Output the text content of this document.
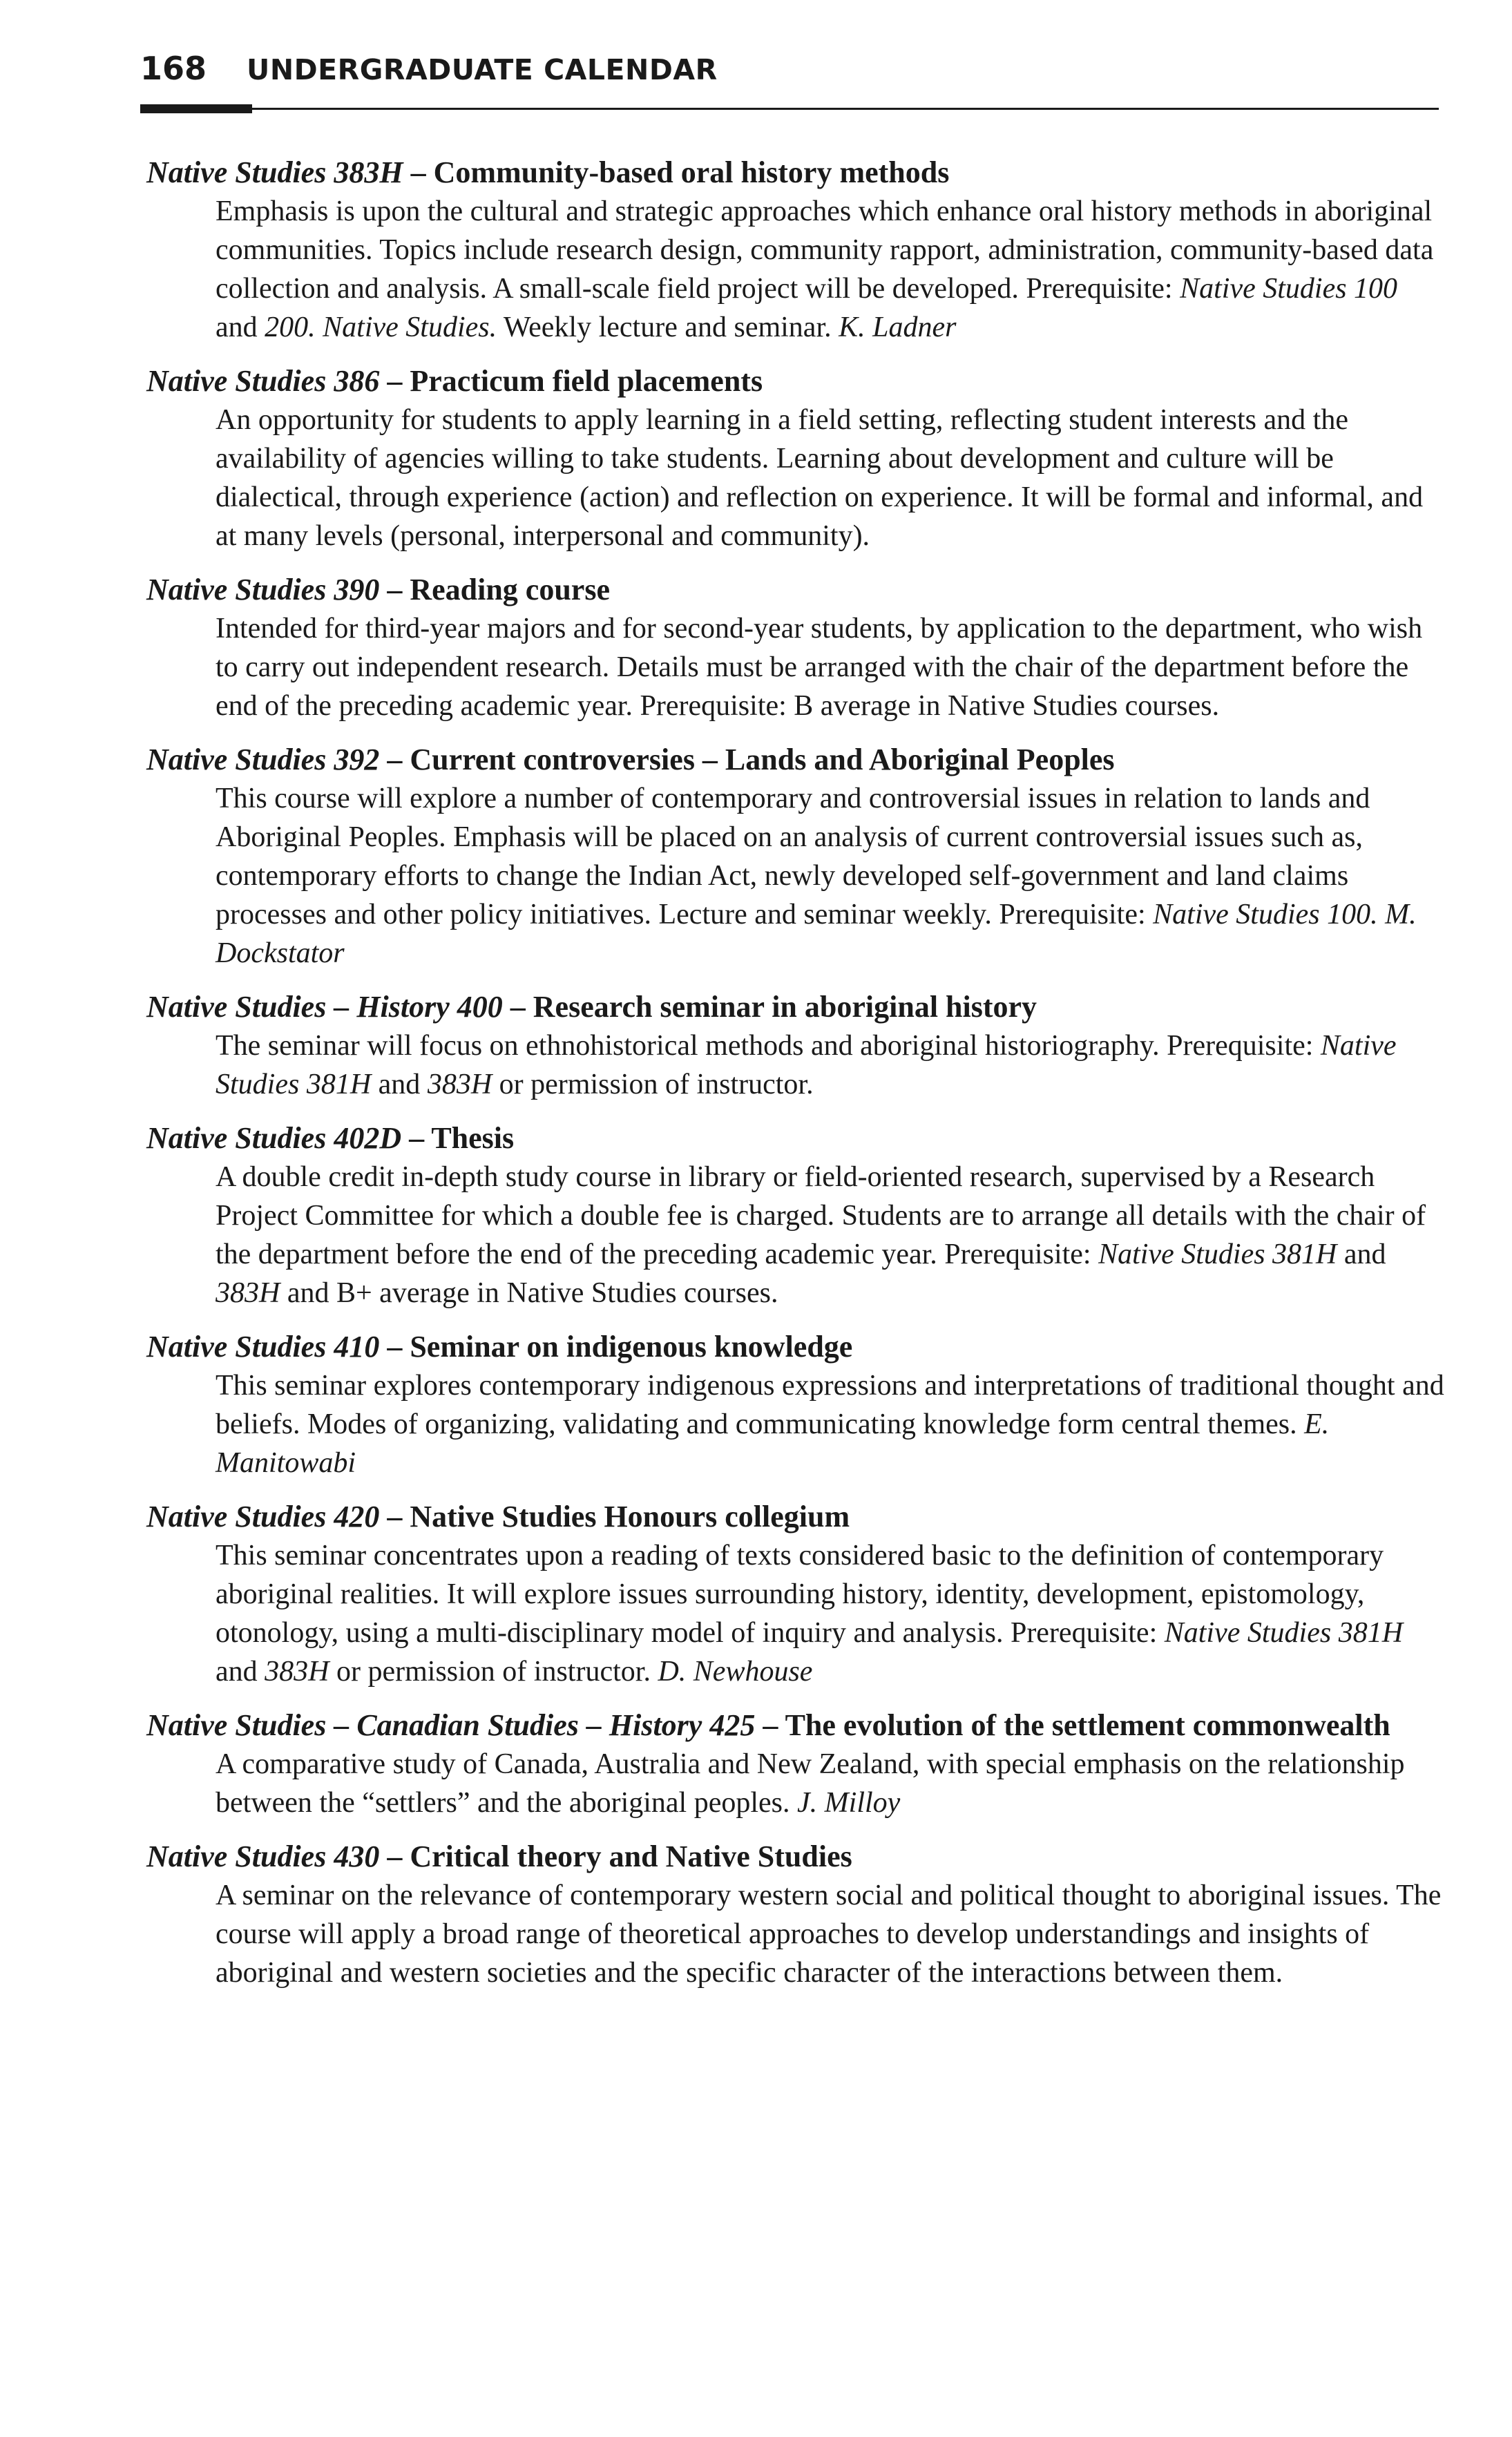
168 UNDERGRADUATE CALENDAR
Native Studies 383H – Community-based oral history methods
Emphasis is upon the cultural and strategic approaches which enhance oral history methods in aboriginal communities. Topics include research design, community rapport, administration, community-based data collection and analysis. A small-scale field project will be developed. Prerequisite: Native Studies 100 and 200. Native Studies. Weekly lecture and seminar. K. Ladner
Native Studies 386 – Practicum field placements
An opportunity for students to apply learning in a field setting, reflecting student interests and the availability of agencies willing to take students. Learning about development and culture will be dialectical, through experience (action) and reflection on experience. It will be formal and informal, and at many levels (personal, interpersonal and community).
Native Studies 390 – Reading course
Intended for third-year majors and for second-year students, by application to the department, who wish to carry out independent research. Details must be arranged with the chair of the department before the end of the preceding academic year. Prerequisite: B average in Native Studies courses.
Native Studies 392 – Current controversies – Lands and Aboriginal Peoples
This course will explore a number of contemporary and controversial issues in relation to lands and Aboriginal Peoples. Emphasis will be placed on an analysis of current controversial issues such as, contemporary efforts to change the Indian Act, newly developed self-government and land claims processes and other policy initiatives. Lecture and seminar weekly. Prerequisite: Native Studies 100. M. Dockstator
Native Studies – History 400 – Research seminar in aboriginal history
The seminar will focus on ethnohistorical methods and aboriginal historiography. Prerequisite: Native Studies 381H and 383H or permission of instructor.
Native Studies 402D – Thesis
A double credit in-depth study course in library or field-oriented research, supervised by a Research Project Committee for which a double fee is charged. Students are to arrange all details with the chair of the department before the end of the preceding academic year. Prerequisite: Native Studies 381H and 383H and B+ average in Native Studies courses.
Native Studies 410 – Seminar on indigenous knowledge
This seminar explores contemporary indigenous expressions and interpretations of traditional thought and beliefs. Modes of organizing, validating and communicating knowledge form central themes. E. Manitowabi
Native Studies 420 – Native Studies Honours collegium
This seminar concentrates upon a reading of texts considered basic to the definition of contemporary aboriginal realities. It will explore issues surrounding history, identity, development, epistomology, otonology, using a multi-disciplinary model of inquiry and analysis. Prerequisite: Native Studies 381H and 383H or permission of instructor. D. Newhouse
Native Studies – Canadian Studies – History 425 – The evolution of the settlement commonwealth
A comparative study of Canada, Australia and New Zealand, with special emphasis on the relationship between the “settlers” and the aboriginal peoples. J. Milloy
Native Studies 430 – Critical theory and Native Studies
A seminar on the relevance of contemporary western social and political thought to aboriginal issues. The course will apply a broad range of theoretical approaches to develop understandings and insights of aboriginal and western societies and the specific character of the interactions between them.
